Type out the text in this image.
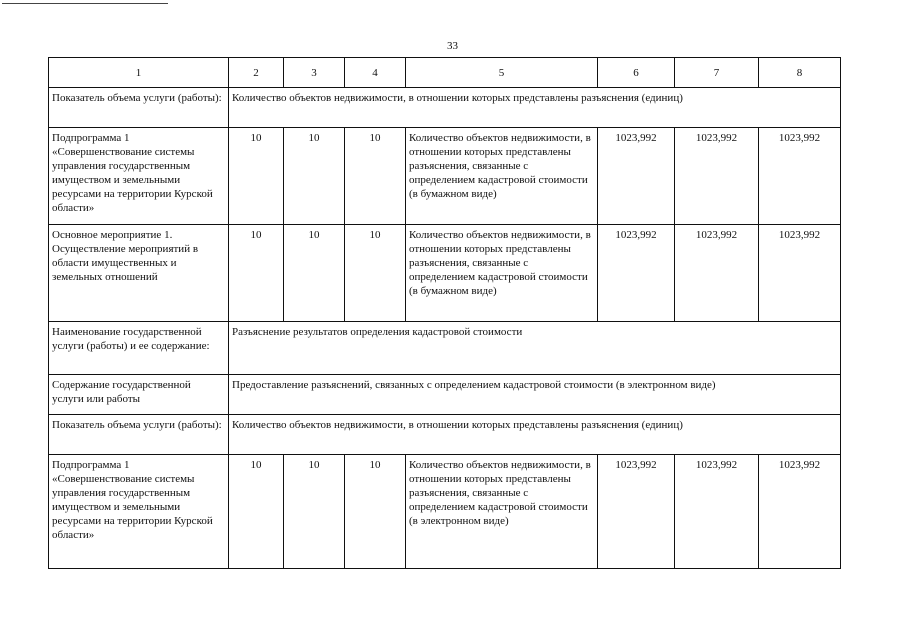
33
1	2	3	4	5	6	7	8
Показатель объема услуги (работы):	Количество объектов недвижимости, в отношении которых представлены разъяснения (единиц)						
Подпрограмма 1 «Совершенствование системы управления государственным имуществом и земельными ресурсами на территории Курской области»	10	10	10	Количество объектов недвижимости, в отношении которых представлены разъяснения, связанные с определением кадастровой стоимости (в бумажном виде)	1023,992	1023,992	1023,992
Основное мероприятие 1. Осуществление мероприятий в области имущественных и земельных отношений	10	10	10	Количество объектов недвижимости, в отношении которых представлены разъяснения, связанные с определением кадастровой стоимости (в бумажном виде)	1023,992	1023,992	1023,992
Наименование государственной услуги (работы) и ее содержание:	Разъяснение результатов определения кадастровой стоимости						
Содержание государственной услуги или работы	Предоставление разъяснений, связанных с определением кадастровой стоимости (в электронном виде)						
Показатель объема услуги (работы):	Количество объектов недвижимости, в отношении которых представлены разъяснения (единиц)						
Подпрограмма 1 «Совершенствование системы управления государственным имуществом и земельными ресурсами на территории Курской области»	10	10	10	Количество объектов недвижимости, в отношении которых представлены разъяснения, связанные с определением кадастровой стоимости (в электронном виде)	1023,992	1023,992	1023,992
